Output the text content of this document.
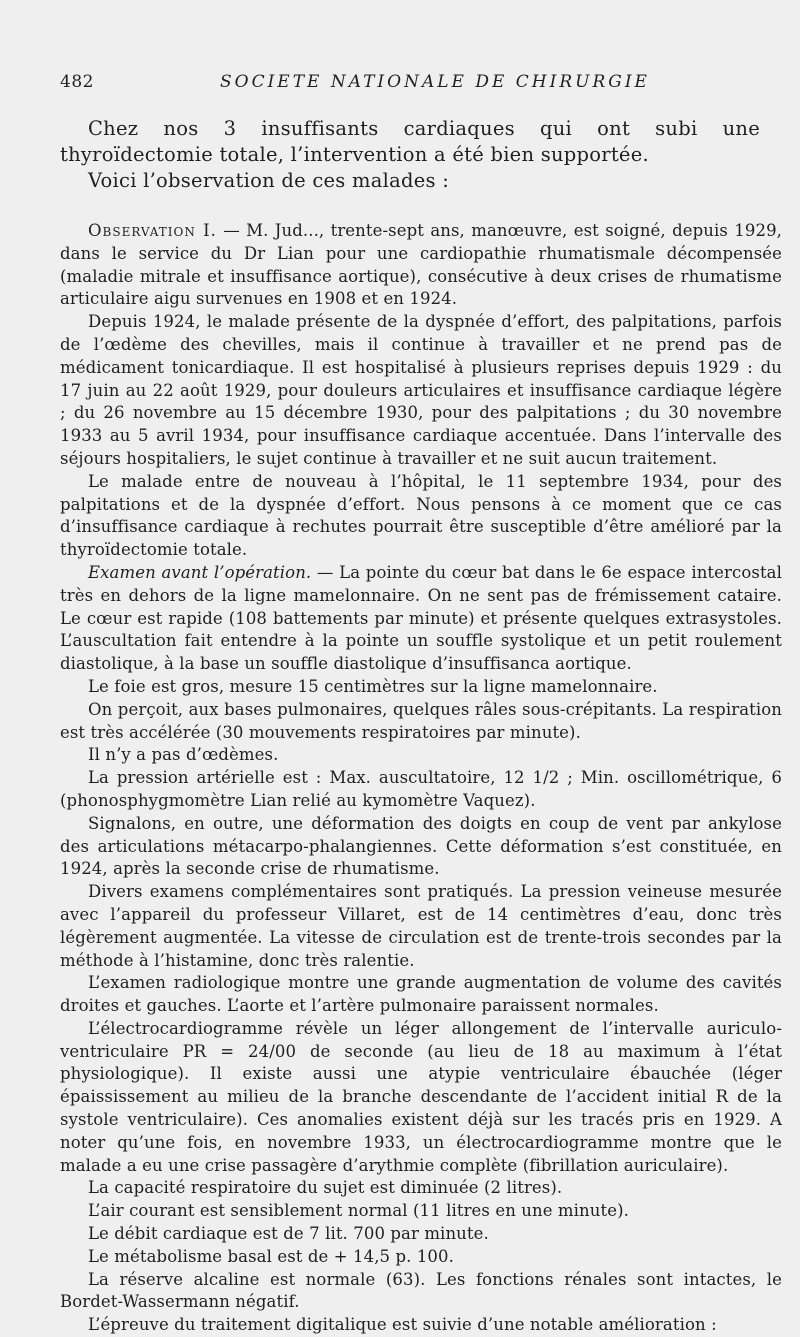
482	SOCIETE NATIONALE DE CHIRURGIE

Chez nos 3 insuffisants cardiaques qui ont subi une thyroïdectomie totale, l’intervention a été bien supportée.

Voici l’observation de ces malades :

Observation I. — M. Jud..., trente-sept ans, manœuvre, est soigné, depuis 1929, dans le service du Dr Lian pour une cardiopathie rhumatismale décompensée (maladie mitrale et insuffisance aortique), consécutive à deux crises de rhumatisme articulaire aigu survenues en 1908 et en 1924.

Depuis 1924, le malade présente de la dyspnée d’effort, des palpitations, parfois de l’œdème des chevilles, mais il continue à travailler et ne prend pas de médicament tonicardiaque. Il est hospitalisé à plusieurs reprises depuis 1929 : du 17 juin au 22 août 1929, pour douleurs articulaires et insuffisance cardiaque légère ; du 26 novembre au 15 décembre 1930, pour des palpitations ; du 30 novembre 1933 au 5 avril 1934, pour insuffisance cardiaque accentuée. Dans l’intervalle des séjours hospitaliers, le sujet continue à travailler et ne suit aucun traitement.

Le malade entre de nouveau à l’hôpital, le 11 septembre 1934, pour des palpitations et de la dyspnée d’effort. Nous pensons à ce moment que ce cas d’insuffisance cardiaque à rechutes pourrait être susceptible d’être amélioré par la thyroïdectomie totale.

Examen avant l’opération. — La pointe du cœur bat dans le 6e espace intercostal très en dehors de la ligne mamelonnaire. On ne sent pas de frémissement cataire. Le cœur est rapide (108 battements par minute) et présente quelques extrasystoles. L’auscultation fait entendre à la pointe un souffle systolique et un petit roulement diastolique, à la base un souffle diastolique d’insuffisanca aortique.

Le foie est gros, mesure 15 centimètres sur la ligne mamelonnaire.

On perçoit, aux bases pulmonaires, quelques râles sous-crépitants. La respiration est très accélérée (30 mouvements respiratoires par minute).

Il n’y a pas d’œdèmes.

La pression artérielle est : Max. auscultatoire, 12 1/2 ; Min. oscillométrique, 6 (phonosphygmomètre Lian relié au kymomètre Vaquez).

Signalons, en outre, une déformation des doigts en coup de vent par ankylose des articulations métacarpo-phalangiennes. Cette déformation s’est constituée, en 1924, après la seconde crise de rhumatisme.

Divers examens complémentaires sont pratiqués. La pression veineuse mesurée avec l’appareil du professeur Villaret, est de 14 centimètres d’eau, donc très légèrement augmentée. La vitesse de circulation est de trente-trois secondes par la méthode à l’histamine, donc très ralentie.

L’examen radiologique montre une grande augmentation de volume des cavités droites et gauches. L’aorte et l’artère pulmonaire paraissent normales.

L’électrocardiogramme révèle un léger allongement de l’intervalle auriculo-ventriculaire PR = 24/00 de seconde (au lieu de 18 au maximum à l’état physiologique). Il existe aussi une atypie ventriculaire ébauchée (léger épaississement au milieu de la branche descendante de l’accident initial R de la systole ventriculaire). Ces anomalies existent déjà sur les tracés pris en 1929. A noter qu’une fois, en novembre 1933, un électrocardiogramme montre que le malade a eu une crise passagère d’arythmie complète (fibrillation auriculaire).

La capacité respiratoire du sujet est diminuée (2 litres).

L’air courant est sensiblement normal (11 litres en une minute).

Le débit cardiaque est de 7 lit. 700 par minute.

Le métabolisme basal est de + 14,5 p. 100.

La réserve alcaline est normale (63). Les fonctions rénales sont intactes, le Bordet-Wassermann négatif.

L’épreuve du traitement digitalique est suivie d’une notable amélioration :
